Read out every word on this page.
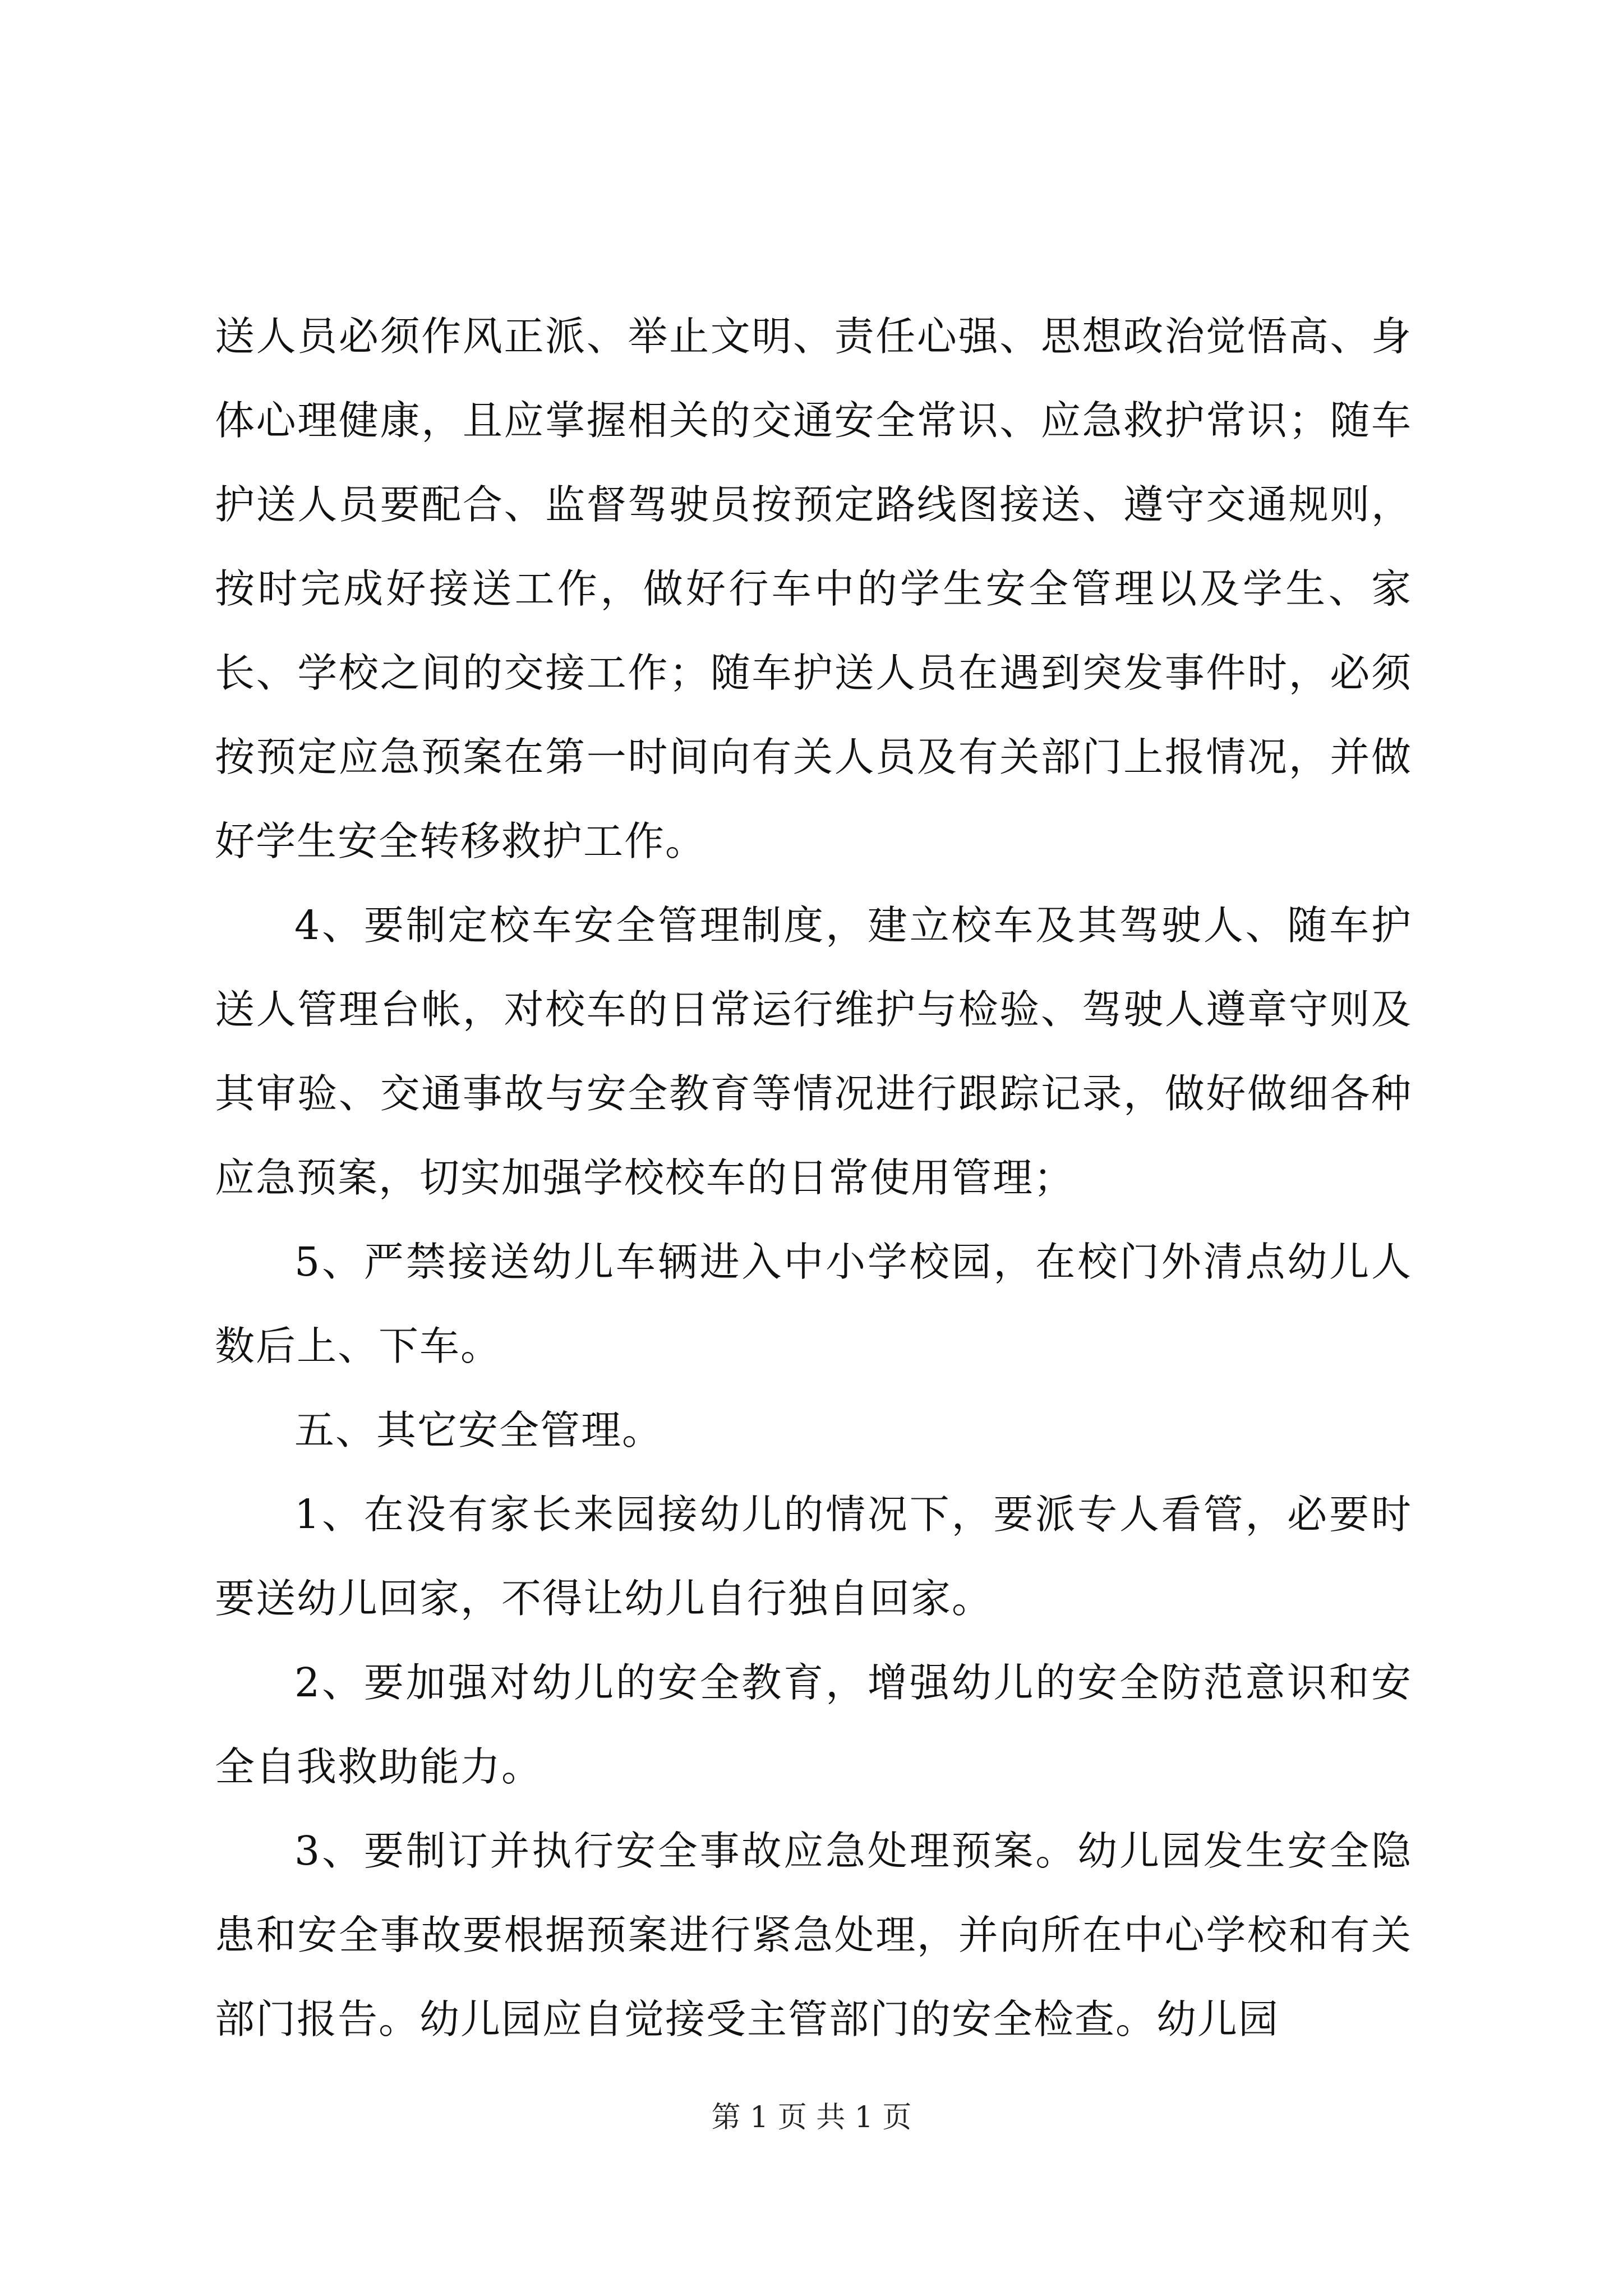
送人员必须作风正派、举止文明、责任心强、思想政治觉悟高、身体心理健康，且应掌握相关的交通安全常识、应急救护常识；随车护送人员要配合、监督驾驶员按预定路线图接送、遵守交通规则，按时完成好接送工作，做好行车中的学生安全管理以及学生、家长、学校之间的交接工作；随车护送人员在遇到突发事件时，必须按预定应急预案在第一时间向有关人员及有关部门上报情况，并做好学生安全转移救护工作。

4、要制定校车安全管理制度，建立校车及其驾驶人、随车护送人管理台帐，对校车的日常运行维护与检验、驾驶人遵章守则及其审验、交通事故与安全教育等情况进行跟踪记录，做好做细各种应急预案，切实加强学校校车的日常使用管理；

5、严禁接送幼儿车辆进入中小学校园，在校门外清点幼儿人数后上、下车。

五、其它安全管理。

1、在没有家长来园接幼儿的情况下，要派专人看管，必要时要送幼儿回家，不得让幼儿自行独自回家。

2、要加强对幼儿的安全教育，增强幼儿的安全防范意识和安全自我救助能力。

3、要制订并执行安全事故应急处理预案。幼儿园发生安全隐患和安全事故要根据预案进行紧急处理，并向所在中心学校和有关部门报告。幼儿园应自觉接受主管部门的安全检查。幼儿园

第 1 页 共 1 页
